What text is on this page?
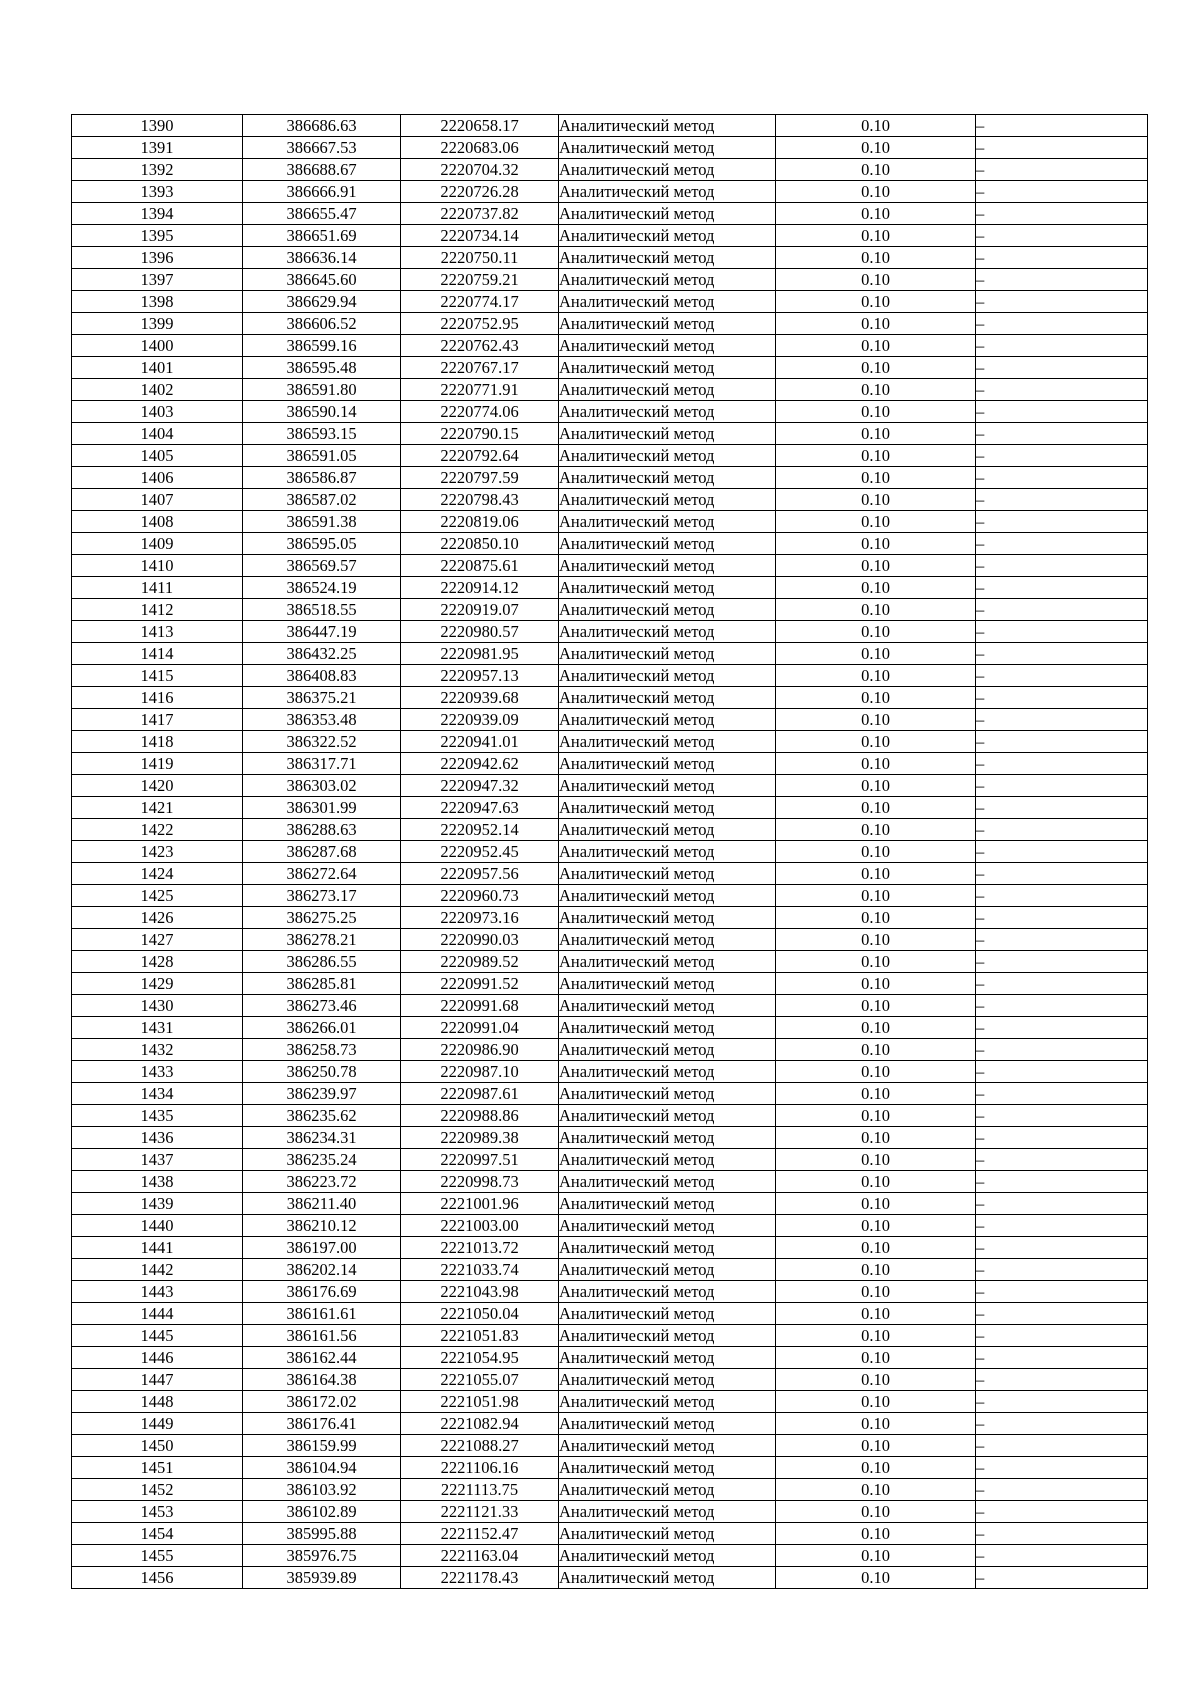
1390	386686.63	2220658.17	Аналитический метод	0.10	–
1391	386667.53	2220683.06	Аналитический метод	0.10	–
1392	386688.67	2220704.32	Аналитический метод	0.10	–
1393	386666.91	2220726.28	Аналитический метод	0.10	–
1394	386655.47	2220737.82	Аналитический метод	0.10	–
1395	386651.69	2220734.14	Аналитический метод	0.10	–
1396	386636.14	2220750.11	Аналитический метод	0.10	–
1397	386645.60	2220759.21	Аналитический метод	0.10	–
1398	386629.94	2220774.17	Аналитический метод	0.10	–
1399	386606.52	2220752.95	Аналитический метод	0.10	–
1400	386599.16	2220762.43	Аналитический метод	0.10	–
1401	386595.48	2220767.17	Аналитический метод	0.10	–
1402	386591.80	2220771.91	Аналитический метод	0.10	–
1403	386590.14	2220774.06	Аналитический метод	0.10	–
1404	386593.15	2220790.15	Аналитический метод	0.10	–
1405	386591.05	2220792.64	Аналитический метод	0.10	–
1406	386586.87	2220797.59	Аналитический метод	0.10	–
1407	386587.02	2220798.43	Аналитический метод	0.10	–
1408	386591.38	2220819.06	Аналитический метод	0.10	–
1409	386595.05	2220850.10	Аналитический метод	0.10	–
1410	386569.57	2220875.61	Аналитический метод	0.10	–
1411	386524.19	2220914.12	Аналитический метод	0.10	–
1412	386518.55	2220919.07	Аналитический метод	0.10	–
1413	386447.19	2220980.57	Аналитический метод	0.10	–
1414	386432.25	2220981.95	Аналитический метод	0.10	–
1415	386408.83	2220957.13	Аналитический метод	0.10	–
1416	386375.21	2220939.68	Аналитический метод	0.10	–
1417	386353.48	2220939.09	Аналитический метод	0.10	–
1418	386322.52	2220941.01	Аналитический метод	0.10	–
1419	386317.71	2220942.62	Аналитический метод	0.10	–
1420	386303.02	2220947.32	Аналитический метод	0.10	–
1421	386301.99	2220947.63	Аналитический метод	0.10	–
1422	386288.63	2220952.14	Аналитический метод	0.10	–
1423	386287.68	2220952.45	Аналитический метод	0.10	–
1424	386272.64	2220957.56	Аналитический метод	0.10	–
1425	386273.17	2220960.73	Аналитический метод	0.10	–
1426	386275.25	2220973.16	Аналитический метод	0.10	–
1427	386278.21	2220990.03	Аналитический метод	0.10	–
1428	386286.55	2220989.52	Аналитический метод	0.10	–
1429	386285.81	2220991.52	Аналитический метод	0.10	–
1430	386273.46	2220991.68	Аналитический метод	0.10	–
1431	386266.01	2220991.04	Аналитический метод	0.10	–
1432	386258.73	2220986.90	Аналитический метод	0.10	–
1433	386250.78	2220987.10	Аналитический метод	0.10	–
1434	386239.97	2220987.61	Аналитический метод	0.10	–
1435	386235.62	2220988.86	Аналитический метод	0.10	–
1436	386234.31	2220989.38	Аналитический метод	0.10	–
1437	386235.24	2220997.51	Аналитический метод	0.10	–
1438	386223.72	2220998.73	Аналитический метод	0.10	–
1439	386211.40	2221001.96	Аналитический метод	0.10	–
1440	386210.12	2221003.00	Аналитический метод	0.10	–
1441	386197.00	2221013.72	Аналитический метод	0.10	–
1442	386202.14	2221033.74	Аналитический метод	0.10	–
1443	386176.69	2221043.98	Аналитический метод	0.10	–
1444	386161.61	2221050.04	Аналитический метод	0.10	–
1445	386161.56	2221051.83	Аналитический метод	0.10	–
1446	386162.44	2221054.95	Аналитический метод	0.10	–
1447	386164.38	2221055.07	Аналитический метод	0.10	–
1448	386172.02	2221051.98	Аналитический метод	0.10	–
1449	386176.41	2221082.94	Аналитический метод	0.10	–
1450	386159.99	2221088.27	Аналитический метод	0.10	–
1451	386104.94	2221106.16	Аналитический метод	0.10	–
1452	386103.92	2221113.75	Аналитический метод	0.10	–
1453	386102.89	2221121.33	Аналитический метод	0.10	–
1454	385995.88	2221152.47	Аналитический метод	0.10	–
1455	385976.75	2221163.04	Аналитический метод	0.10	–
1456	385939.89	2221178.43	Аналитический метод	0.10	–
